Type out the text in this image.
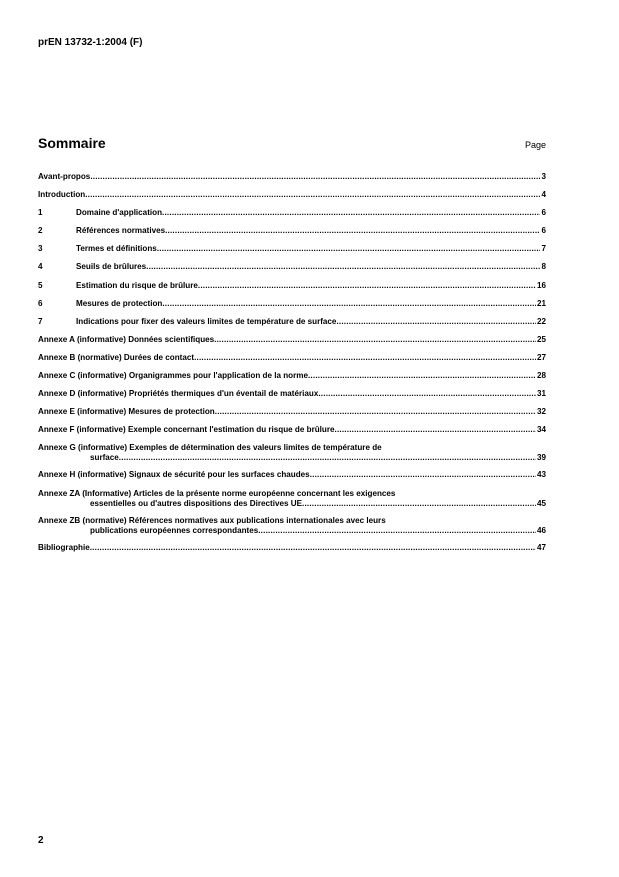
prEN 13732-1:2004 (F)
Sommaire	Page
Avant-propos .....	3
Introduction .....	4
1	Domaine d'application .....	6
2	Références normatives .....	6
3	Termes et définitions .....	7
4	Seuils de brûlures .....	8
5	Estimation du risque de brûlure .....	16
6	Mesures de protection .....	21
7	Indications pour fixer des valeurs limites de température de surface .....	22
Annexe A (informative) Données scientifiques .....	25
Annexe B (normative) Durées de contact .....	27
Annexe C (informative) Organigrammes pour l'application de la norme .....	28
Annexe D (informative) Propriétés thermiques d'un éventail de matériaux .....	31
Annexe E (informative) Mesures de protection .....	32
Annexe F (informative) Exemple concernant l'estimation du risque de brûlure .....	34
Annexe G (informative) Exemples de détermination des valeurs limites de température de
surface .....	39
Annexe H (informative) Signaux de sécurité pour les surfaces chaudes .....	43
Annexe ZA (Informative) Articles de la présente norme européenne concernant les exigences
essentielles ou d'autres dispositions des Directives UE .....	45
Annexe ZB (normative) Références normatives aux publications internationales avec leurs
publications européennes correspondantes .....	46
Bibliographie .....	47
2
